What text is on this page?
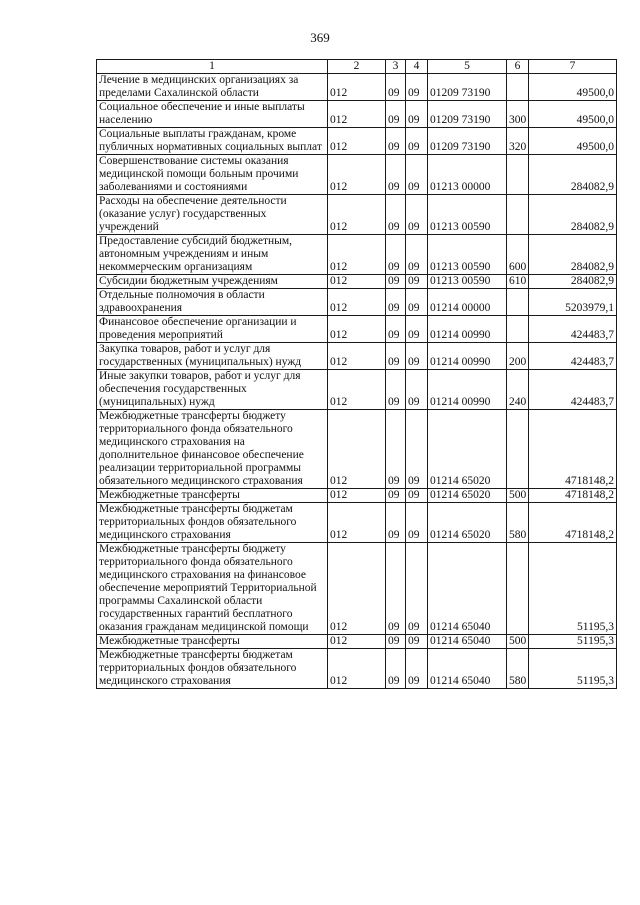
369
1	2	3	4	5	6	7
Лечение в медицинских организациях за пределами Сахалинской области	012	09	09	01209 73190		49500,0
Социальное обеспечение и иные выплаты населению	012	09	09	01209 73190	300	49500,0
Социальные выплаты гражданам, кроме публичных нормативных социальных выплат	012	09	09	01209 73190	320	49500,0
Совершенствование системы оказания медицинской помощи больным прочими заболеваниями и состояниями	012	09	09	01213 00000		284082,9
Расходы на обеспечение деятельности (оказание услуг) государственных учреждений	012	09	09	01213 00590		284082,9
Предоставление субсидий бюджетным, автономным учреждениям и иным некоммерческим организациям	012	09	09	01213 00590	600	284082,9
Субсидии бюджетным учреждениям	012	09	09	01213 00590	610	284082,9
Отдельные полномочия в области здравоохранения	012	09	09	01214 00000		5203979,1
Финансовое обеспечение организации и проведения мероприятий	012	09	09	01214 00990		424483,7
Закупка товаров, работ и услуг для государственных (муниципальных) нужд	012	09	09	01214 00990	200	424483,7
Иные закупки товаров, работ и услуг для обеспечения государственных (муниципальных) нужд	012	09	09	01214 00990	240	424483,7
Межбюджетные трансферты бюджету территориального фонда обязательного медицинского страхования на дополнительное финансовое обеспечение реализации территориальной программы обязательного медицинского страхования	012	09	09	01214 65020		4718148,2
Межбюджетные трансферты	012	09	09	01214 65020	500	4718148,2
Межбюджетные трансферты бюджетам территориальных фондов обязательного медицинского страхования	012	09	09	01214 65020	580	4718148,2
Межбюджетные трансферты бюджету территориального фонда обязательного медицинского страхования на финансовое обеспечение мероприятий Территориальной программы Сахалинской области государственных гарантий бесплатного оказания гражданам медицинской помощи	012	09	09	01214 65040		51195,3
Межбюджетные трансферты	012	09	09	01214 65040	500	51195,3
Межбюджетные трансферты бюджетам территориальных фондов обязательного медицинского страхования	012	09	09	01214 65040	580	51195,3
